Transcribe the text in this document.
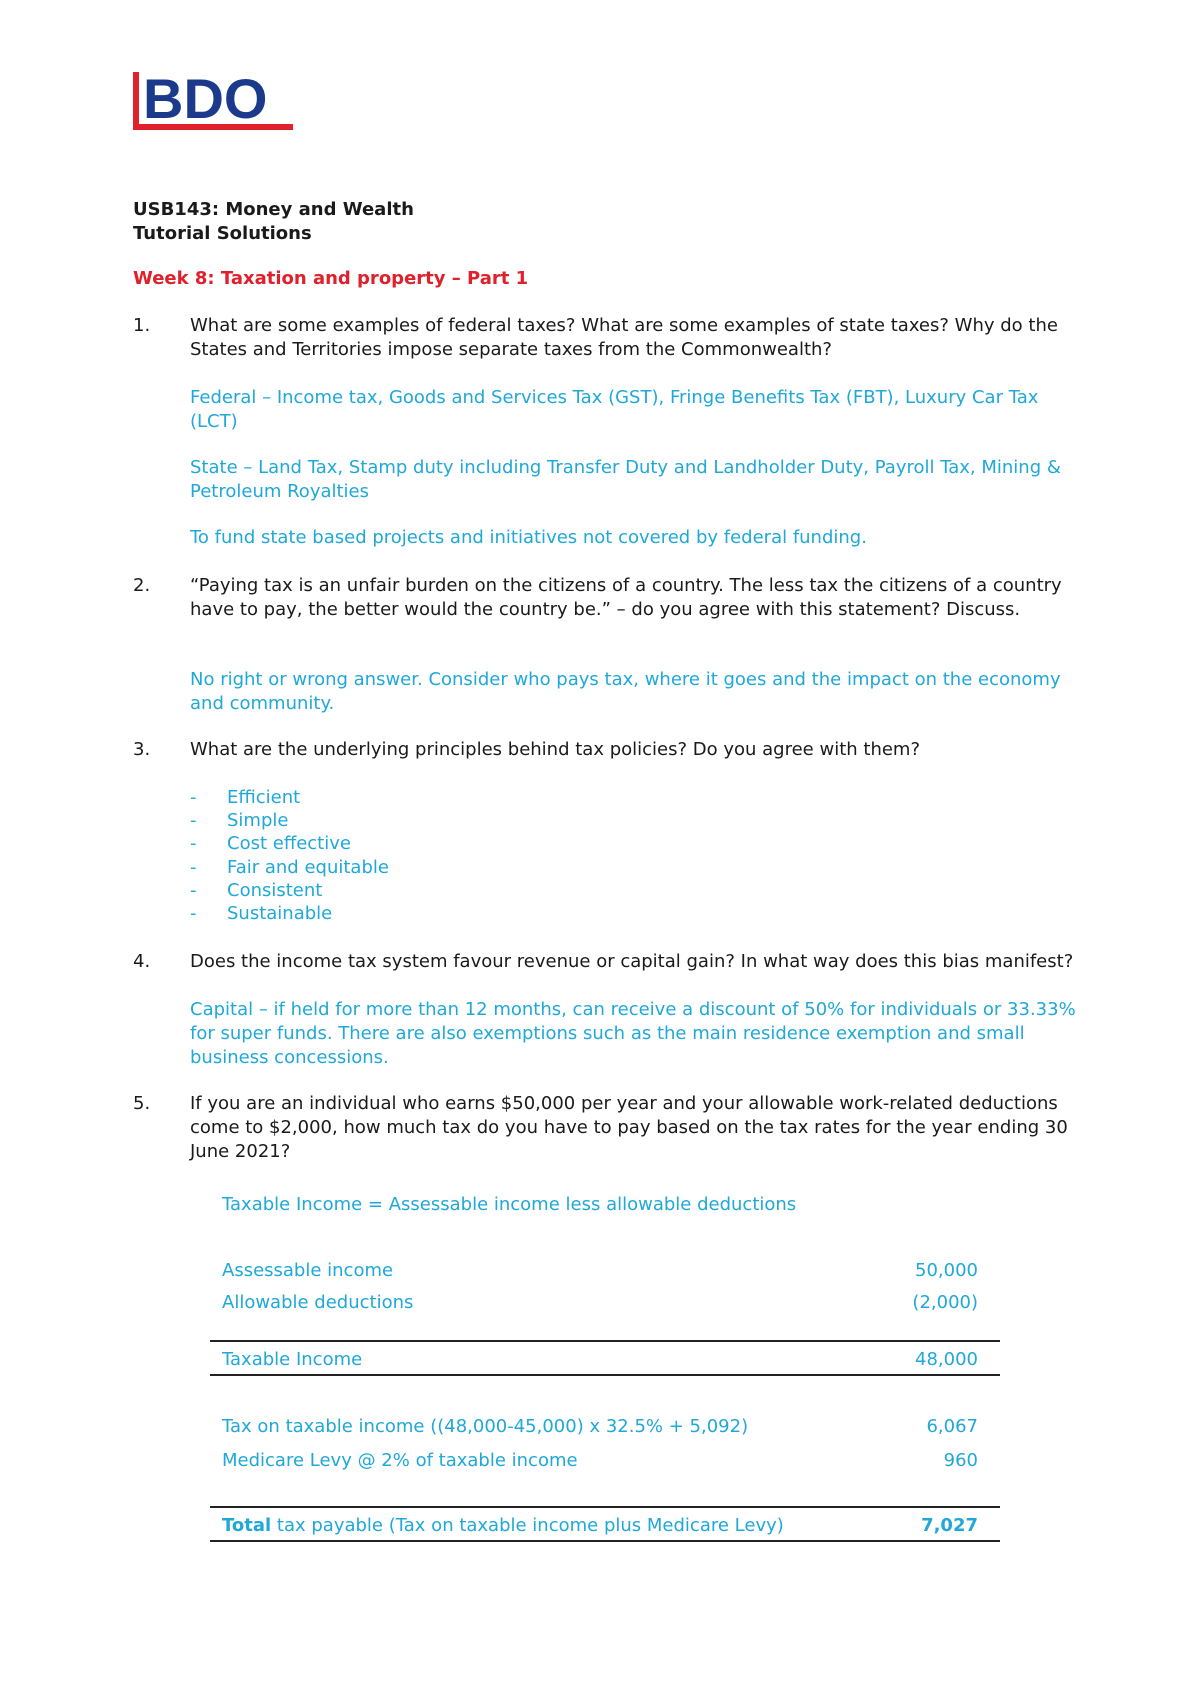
BDO
USB143: Money and Wealth
Tutorial Solutions
Week 8: Taxation and property – Part 1
1.	What are some examples of federal taxes? What are some examples of state taxes? Why do the States and Territories impose separate taxes from the Commonwealth?
Federal – Income tax, Goods and Services Tax (GST), Fringe Benefits Tax (FBT), Luxury Car Tax (LCT)
State – Land Tax, Stamp duty including Transfer Duty and Landholder Duty, Payroll Tax, Mining & Petroleum Royalties
To fund state based projects and initiatives not covered by federal funding.
2.	“Paying tax is an unfair burden on the citizens of a country. The less tax the citizens of a country have to pay, the better would the country be.” – do you agree with this statement? Discuss.
No right or wrong answer. Consider who pays tax, where it goes and the impact on the economy and community.
3.	What are the underlying principles behind tax policies? Do you agree with them?
-	Efficient
-	Simple
-	Cost effective
-	Fair and equitable
-	Consistent
-	Sustainable
4.	Does the income tax system favour revenue or capital gain? In what way does this bias manifest?
Capital – if held for more than 12 months, can receive a discount of 50% for individuals or 33.33% for super funds. There are also exemptions such as the main residence exemption and small business concessions.
5.	If you are an individual who earns $50,000 per year and your allowable work-related deductions come to $2,000, how much tax do you have to pay based on the tax rates for the year ending 30 June 2021?
Taxable Income = Assessable income less allowable deductions
Assessable income	50,000
Allowable deductions	(2,000)
Taxable Income	48,000
Tax on taxable income ((48,000-45,000) x 32.5% + 5,092)	6,067
Medicare Levy @ 2% of taxable income	960
Total tax payable (Tax on taxable income plus Medicare Levy)	7,027
